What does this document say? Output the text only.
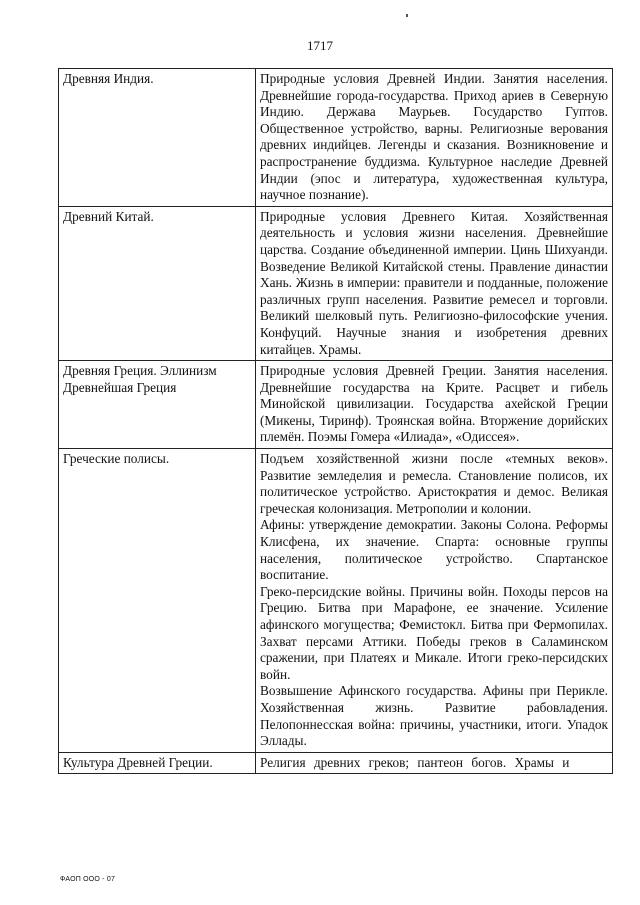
1717
Древняя Индия.	Природные условия Древней Индии. Занятия населения. Древнейшие города-государства. Приход ариев в Северную Индию. Держава Маурьев. Государство Гуптов. Общественное устройство, варны. Религиозные верования древних индийцев. Легенды и сказания. Возникновение и распространение буддизма. Культурное наследие Древней Индии (эпос и литература, художественная культура, научное познание).

Древний Китай.	Природные условия Древнего Китая. Хозяйственная деятельность и условия жизни населения. Древнейшие царства. Создание объединенной империи. Цинь Шихуанди. Возведение Великой Китайской стены. Правление династии Хань. Жизнь в империи: правители и подданные, положение различных групп населения. Развитие ремесел и торговли. Великий шелковый путь. Религиозно-философские учения. Конфуций. Научные знания и изобретения древних китайцев. Храмы.

Древняя Греция. Эллинизм
Древнейшая Греция	Природные условия Древней Греции. Занятия населения. Древнейшие государства на Крите. Расцвет и гибель Минойской цивилизации. Государства ахейской Греции (Микены, Тиринф). Троянская война. Вторжение дорийских племён. Поэмы Гомера «Илиада», «Одиссея».

Греческие полисы.	Подъем хозяйственной жизни после «темных веков». Развитие земледелия и ремесла. Становление полисов, их политическое устройство. Аристократия и демос. Великая греческая колонизация. Метрополии и колонии.
Афины: утверждение демократии. Законы Солона. Реформы Клисфена, их значение. Спарта: основные группы населения, политическое устройство. Спартанское воспитание.
Греко-персидские войны. Причины войн. Походы персов на Грецию. Битва при Марафоне, ее значение. Усиление афинского могущества; Фемистокл. Битва при Фермопилах. Захват персами Аттики. Победы греков в Саламинском сражении, при Платеях и Микале. Итоги греко-персидских войн.
Возвышение Афинского государства. Афины при Перикле. Хозяйственная жизнь. Развитие рабовладения. Пелопоннесская война: причины, участники, итоги. Упадок Эллады.

Культура Древней Греции.	Религия древних греков; пантеон богов. Храмы и
ФАОП ООО - 07
